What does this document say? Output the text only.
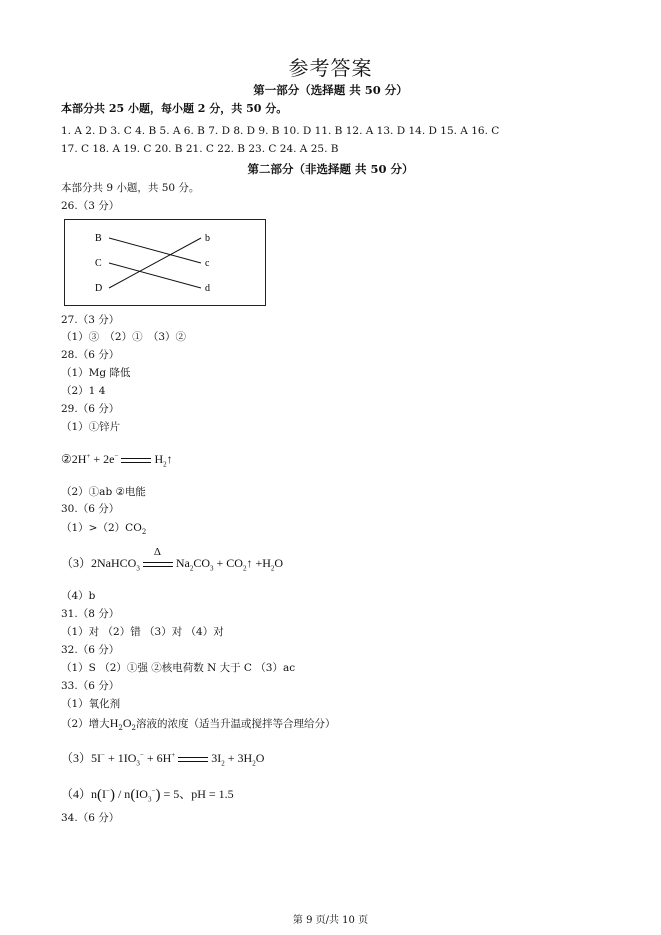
参考答案
第一部分（选择题 共 50 分）
本部分共 25 小题，每小题 2 分，共 50 分。
1. A 2. D 3. C 4. B 5. A 6. B 7. D 8. D 9. B 10. D 11. B 12. A 13. D 14. D 15. A 16. C
17. C 18. A 19. C 20. B 21. C 22. B 23. C 24. A 25. B
第二部分（非选择题 共 50 分）
本部分共 9 小题，共 50 分。
26.（3 分）
B
C
D
b
c
d
27.（3 分）
（1）③　（2）①　（3）②
28.（6 分）
（1）Mg 降低
（2）1 4
29.（6 分）
（1）①锌片
②2H+ + 2e−	$H_2↑$
（2）①ab ②电能
30.（6 分）
$(1)>(2)CO_2$
（3）2NaHCO$_3$
Δ
$Na_2CO_3$ + $CO_2↑ +H_2O$
（4）b
31.（8 分）
（1）对 （2）错 （3）对 （4）对
32.（6 分）
（1）S （2）①强 ②核电荷数 N 大于 C （3）ac
33.（6 分）
（1）氧化剂
（2）增大$H_2O_2$溶液的浓度（适当升温或搅拌等合理给分）
$(3)5I^- + 1IO_3^- + 6H^+$	$3I_2 + 3H_2O$
$(4)n(I^-) / n(IO_3^-) = 5$、pH = 1.5
34.（6 分）
第 9 页/共 10 页
